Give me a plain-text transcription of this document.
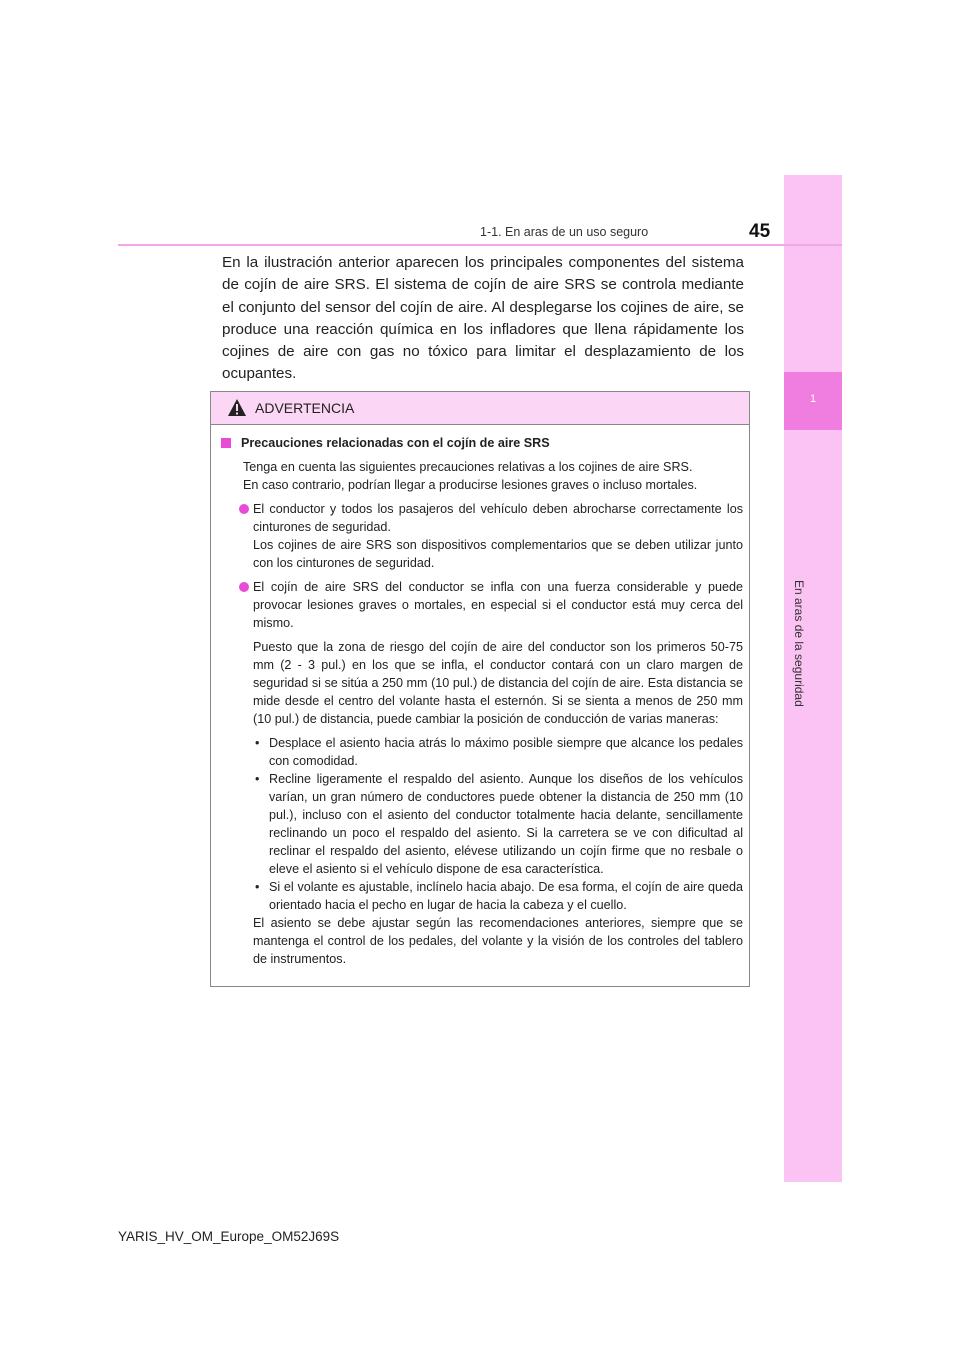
1
En aras de la seguridad
1-1. En aras de un uso seguro	45
En la ilustración anterior aparecen los principales componentes del sistema de cojín de aire SRS. El sistema de cojín de aire SRS se controla mediante el conjunto del sensor del cojín de aire. Al desplegarse los cojines de aire, se produce una reacción química en los infladores que llena rápidamente los cojines de aire con gas no tóxico para limitar el desplazamiento de los ocupantes.
ADVERTENCIA
Precauciones relacionadas con el cojín de aire SRS
Tenga en cuenta las siguientes precauciones relativas a los cojines de aire SRS.
En caso contrario, podrían llegar a producirse lesiones graves o incluso mortales.
El conductor y todos los pasajeros del vehículo deben abrocharse correctamente los cinturones de seguridad.
Los cojines de aire SRS son dispositivos complementarios que se deben utilizar junto con los cinturones de seguridad.
El cojín de aire SRS del conductor se infla con una fuerza considerable y puede provocar lesiones graves o mortales, en especial si el conductor está muy cerca del mismo.
Puesto que la zona de riesgo del cojín de aire del conductor son los primeros 50-75 mm (2 - 3 pul.) en los que se infla, el conductor contará con un claro margen de seguridad si se sitúa a 250 mm (10 pul.) de distancia del cojín de aire. Esta distancia se mide desde el centro del volante hasta el esternón. Si se sienta a menos de 250 mm (10 pul.) de distancia, puede cambiar la posición de conducción de varias maneras:
• Desplace el asiento hacia atrás lo máximo posible siempre que alcance los pedales con comodidad.
• Recline ligeramente el respaldo del asiento. Aunque los diseños de los vehículos varían, un gran número de conductores puede obtener la distancia de 250 mm (10 pul.), incluso con el asiento del conductor totalmente hacia delante, sencillamente reclinando un poco el respaldo del asiento. Si la carretera se ve con dificultad al reclinar el respaldo del asiento, elévese utilizando un cojín firme que no resbale o eleve el asiento si el vehículo dispone de esa característica.
• Si el volante es ajustable, inclínelo hacia abajo. De esa forma, el cojín de aire queda orientado hacia el pecho en lugar de hacia la cabeza y el cuello.
El asiento se debe ajustar según las recomendaciones anteriores, siempre que se mantenga el control de los pedales, del volante y la visión de los controles del tablero de instrumentos.
YARIS_HV_OM_Europe_OM52J69S
